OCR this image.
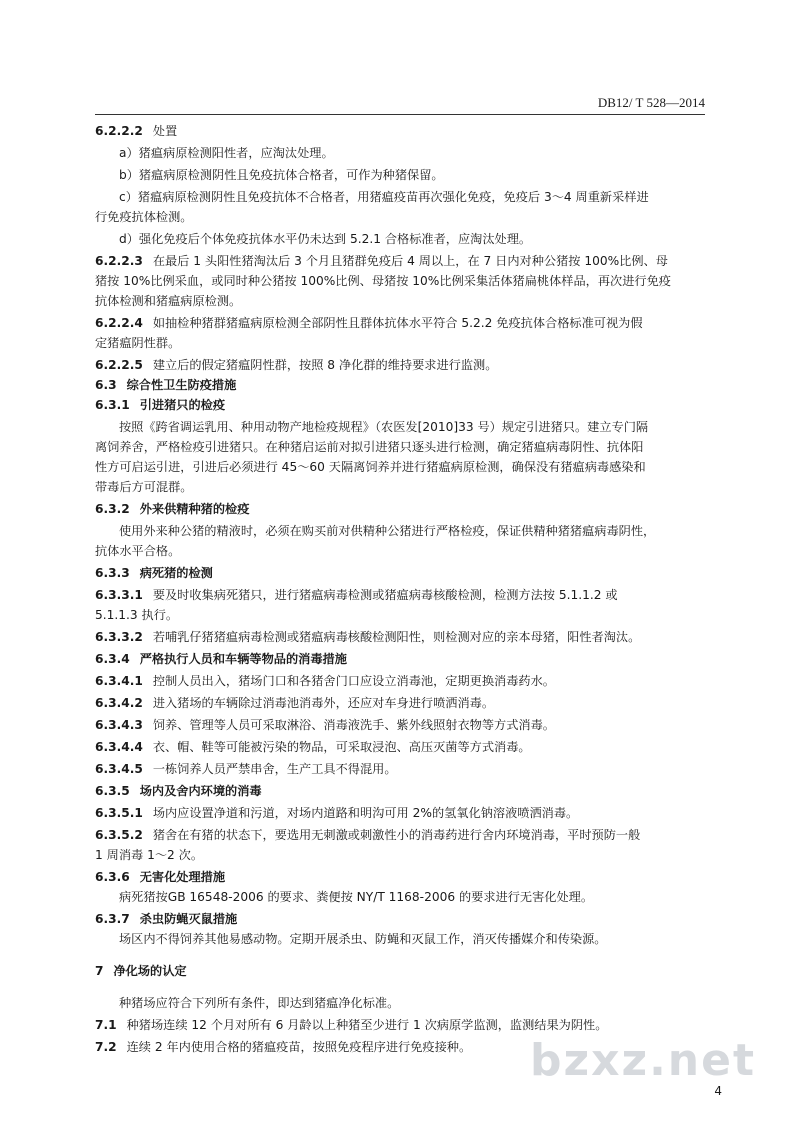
DB12/ T 528—2014
6.2.2.2 处置
a）猪瘟病原检测阳性者，应淘汰处理。
b）猪瘟病原检测阴性且免疫抗体合格者，可作为种猪保留。
c）猪瘟病原检测阴性且免疫抗体不合格者，用猪瘟疫苗再次强化免疫，免疫后 3～4 周重新采样进
行免疫抗体检测。
d）强化免疫后个体免疫抗体水平仍未达到 5.2.1 合格标准者，应淘汰处理。
6.2.2.3 在最后 1 头阳性猪淘汰后 3 个月且猪群免疫后 4 周以上，在 7 日内对种公猪按 100%比例、母
猪按 10%比例采血，或同时种公猪按 100%比例、母猪按 10%比例采集活体猪扁桃体样品，再次进行免疫
抗体检测和猪瘟病原检测。
6.2.2.4 如抽检种猪群猪瘟病原检测全部阴性且群体抗体水平符合 5.2.2 免疫抗体合格标准可视为假
定猪瘟阴性群。
6.2.2.5 建立后的假定猪瘟阴性群，按照 8 净化群的维持要求进行监测。
6.3 综合性卫生防疫措施
6.3.1 引进猪只的检疫
按照《跨省调运乳用、种用动物产地检疫规程》（农医发[2010]33 号）规定引进猪只。建立专门隔
离饲养舍，严格检疫引进猪只。在种猪启运前对拟引进猪只逐头进行检测，确定猪瘟病毒阴性、抗体阳
性方可启运引进，引进后必须进行 45～60 天隔离饲养并进行猪瘟病原检测，确保没有猪瘟病毒感染和
带毒后方可混群。
6.3.2 外来供精种猪的检疫
使用外来种公猪的精液时，必须在购买前对供精种公猪进行严格检疫，保证供精种猪猪瘟病毒阴性，
抗体水平合格。
6.3.3 病死猪的检测
6.3.3.1 要及时收集病死猪只，进行猪瘟病毒检测或猪瘟病毒核酸检测，检测方法按 5.1.1.2 或
5.1.1.3 执行。
6.3.3.2 若哺乳仔猪猪瘟病毒检测或猪瘟病毒核酸检测阳性，则检测对应的亲本母猪，阳性者淘汰。
6.3.4 严格执行人员和车辆等物品的消毒措施
6.3.4.1 控制人员出入，猪场门口和各猪舍门口应设立消毒池，定期更换消毒药水。
6.3.4.2 进入猪场的车辆除过消毒池消毒外，还应对车身进行喷洒消毒。
6.3.4.3 饲养、管理等人员可采取淋浴、消毒液洗手、紫外线照射衣物等方式消毒。
6.3.4.4 衣、帽、鞋等可能被污染的物品，可采取浸泡、高压灭菌等方式消毒。
6.3.4.5 一栋饲养人员严禁串舍，生产工具不得混用。
6.3.5 场内及舍内环境的消毒
6.3.5.1 场内应设置净道和污道，对场内道路和明沟可用 2%的氢氧化钠溶液喷洒消毒。
6.3.5.2 猪舍在有猪的状态下，要选用无刺激或刺激性小的消毒药进行舍内环境消毒，平时预防一般
1 周消毒 1～2 次。
6.3.6 无害化处理措施
病死猪按GB 16548-2006 的要求、粪便按 NY/T 1168-2006 的要求进行无害化处理。
6.3.7 杀虫防蝇灭鼠措施
场区内不得饲养其他易感动物。定期开展杀虫、防蝇和灭鼠工作，消灭传播媒介和传染源。
7 净化场的认定
种猪场应符合下列所有条件，即达到猪瘟净化标准。
7.1 种猪场连续 12 个月对所有 6 月龄以上种猪至少进行 1 次病原学监测，监测结果为阴性。
7.2 连续 2 年内使用合格的猪瘟疫苗，按照免疫程序进行免疫接种。 bzxz.net
4
